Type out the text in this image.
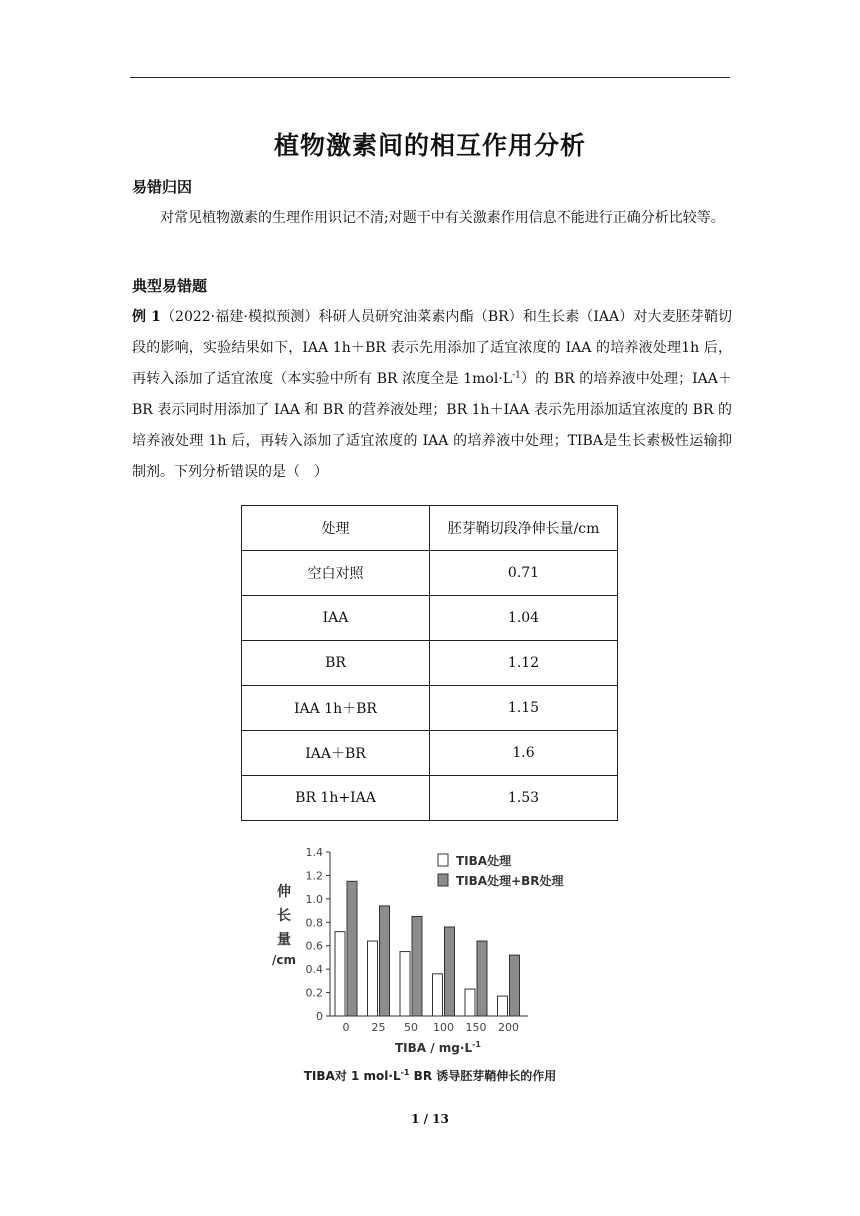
植物激素间的相互作用分析
易错归因
对常见植物激素的生理作用识记不清;对题干中有关激素作用信息不能进行正确分析比较等。
典型易错题
例 1（2022·福建·模拟预测）科研人员研究油菜素内酯（BR）和生长素（IAA）对大麦胚芽鞘切段的影响，实验结果如下，IAA 1h＋BR 表示先用添加了适宜浓度的 IAA 的培养液处理1h 后，再转入添加了适宜浓度（本实验中所有 BR 浓度全是 $1mol\cdot L^{-1}$）的 BR 的培养液中处理；IAA＋BR 表示同时用添加了 IAA 和 BR 的营养液处理；BR 1h＋IAA 表示先用添加适宜浓度的 BR 的培养液处理 1h 后，再转入添加了适宜浓度的 IAA 的培养液中处理；TIBA是生长素极性运输抑制剂。下列分析错误的是（　）
处理	胚芽鞘切段净伸长量/cm
空白对照	0.71
IAA	1.04
BR	1.12
IAA 1h＋BR	1.15
IAA＋BR	1.6
BR 1h+IAA	1.53
0
0.2
0.4
0.6
0.8
1.0
1.2
1.4
伸
长
量
/cm
0 25 50 100 150 200
TIBA处理
TIBA处理+BR处理
TIBA / $mg\cdot L^{-1}$
TIBA对 1 $mol\cdot L^{-1}$ BR 诱导胚芽鞘伸长的作用
1 / 13
